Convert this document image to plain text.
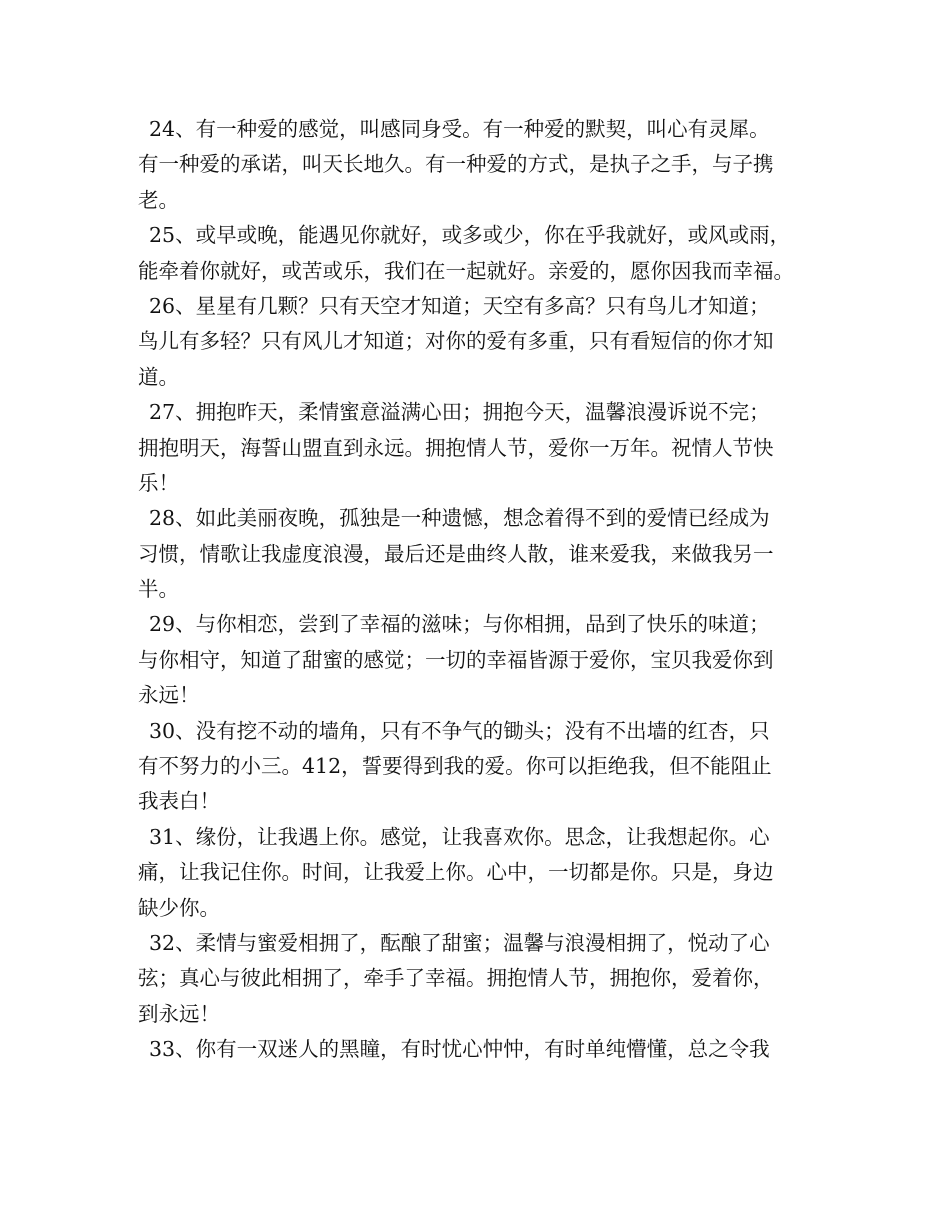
24、有一种爱的感觉，叫感同身受。有一种爱的默契，叫心有灵犀。
有一种爱的承诺，叫天长地久。有一种爱的方式，是执子之手，与子携
老。
25、或早或晚，能遇见你就好，或多或少，你在乎我就好，或风或雨，
能牵着你就好，或苦或乐，我们在一起就好。亲爱的，愿你因我而幸福。
26、星星有几颗？只有天空才知道；天空有多高？只有鸟儿才知道；
鸟儿有多轻？只有风儿才知道；对你的爱有多重，只有看短信的你才知
道。
27、拥抱昨天，柔情蜜意溢满心田；拥抱今天，温馨浪漫诉说不完；
拥抱明天，海誓山盟直到永远。拥抱情人节，爱你一万年。祝情人节快
乐！
28、如此美丽夜晚，孤独是一种遗憾，想念着得不到的爱情已经成为
习惯，情歌让我虚度浪漫，最后还是曲终人散，谁来爱我，来做我另一
半。
29、与你相恋，尝到了幸福的滋味；与你相拥，品到了快乐的味道；
与你相守，知道了甜蜜的感觉；一切的幸福皆源于爱你，宝贝我爱你到
永远！
30、没有挖不动的墙角，只有不争气的锄头；没有不出墙的红杏，只
有不努力的小三。412，誓要得到我的爱。你可以拒绝我，但不能阻止
我表白！
31、缘份，让我遇上你。感觉，让我喜欢你。思念，让我想起你。心
痛，让我记住你。时间，让我爱上你。心中，一切都是你。只是，身边
缺少你。
32、柔情与蜜爱相拥了，酝酿了甜蜜；温馨与浪漫相拥了，悦动了心
弦；真心与彼此相拥了，牵手了幸福。拥抱情人节，拥抱你，爱着你，
到永远！
33、你有一双迷人的黑瞳，有时忧心忡忡，有时单纯懵懂，总之令我
